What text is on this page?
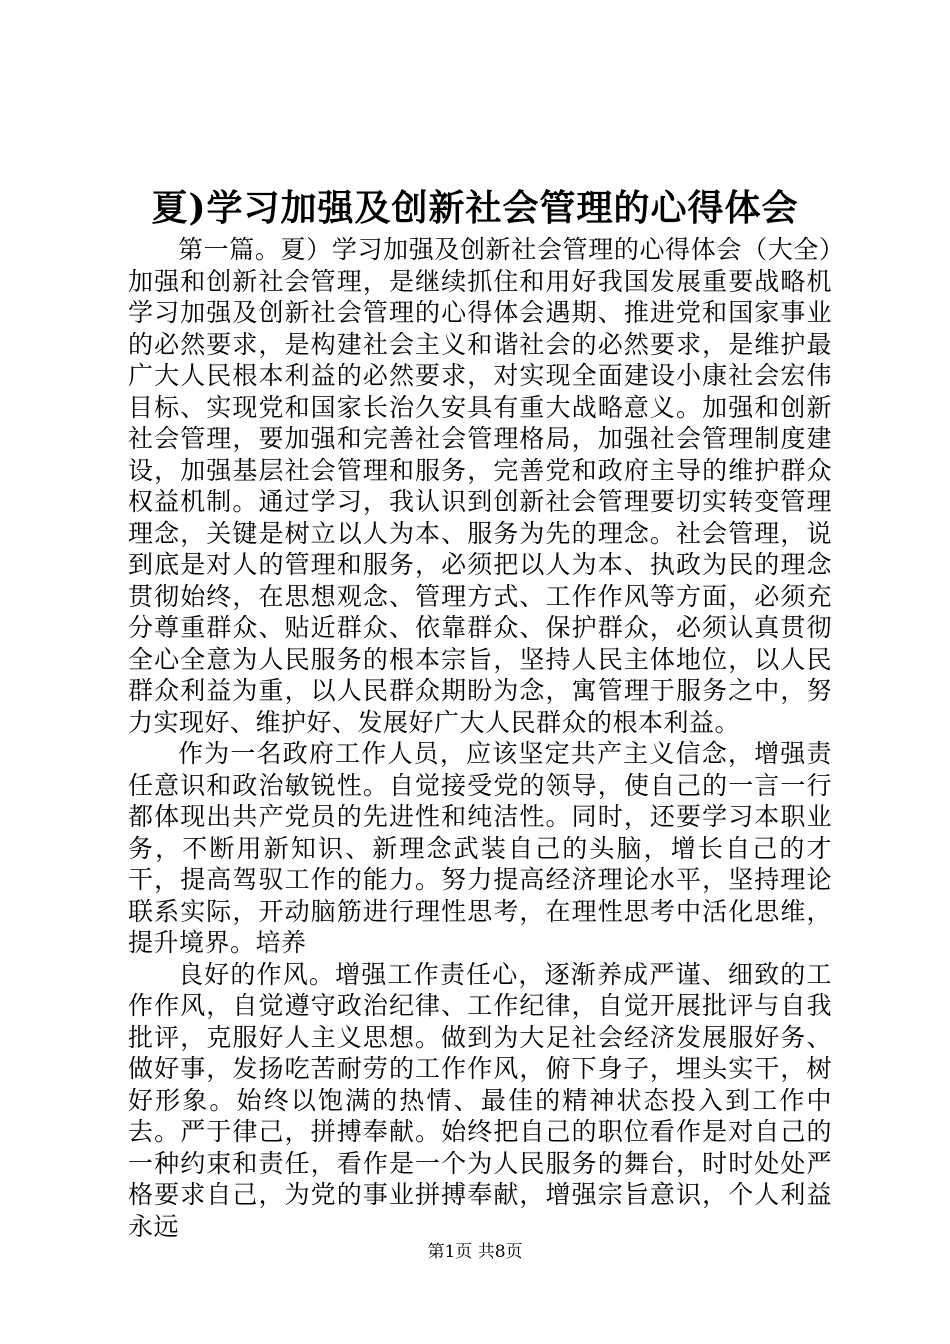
夏)学习加强及创新社会管理的心得体会

第一篇。夏）学习加强及创新社会管理的心得体会（大全）加强和创新社会管理，是继续抓住和用好我国发展重要战略机学习加强及创新社会管理的心得体会遇期、推进党和国家事业的必然要求，是构建社会主义和谐社会的必然要求，是维护最广大人民根本利益的必然要求，对实现全面建设小康社会宏伟目标、实现党和国家长治久安具有重大战略意义。加强和创新社会管理，要加强和完善社会管理格局，加强社会管理制度建设，加强基层社会管理和服务，完善党和政府主导的维护群众权益机制。通过学习，我认识到创新社会管理要切实转变管理理念，关键是树立以人为本、服务为先的理念。社会管理，说到底是对人的管理和服务，必须把以人为本、执政为民的理念贯彻始终，在思想观念、管理方式、工作作风等方面，必须充分尊重群众、贴近群众、依靠群众、保护群众，必须认真贯彻全心全意为人民服务的根本宗旨，坚持人民主体地位，以人民群众利益为重，以人民群众期盼为念，寓管理于服务之中，努力实现好、维护好、发展好广大人民群众的根本利益。

作为一名政府工作人员，应该坚定共产主义信念，增强责任意识和政治敏锐性。自觉接受党的领导，使自己的一言一行都体现出共产党员的先进性和纯洁性。同时，还要学习本职业务，不断用新知识、新理念武装自己的头脑，增长自己的才干，提高驾驭工作的能力。努力提高经济理论水平，坚持理论联系实际，开动脑筋进行理性思考，在理性思考中活化思维，提升境界。培养

良好的作风。增强工作责任心，逐渐养成严谨、细致的工作作风，自觉遵守政治纪律、工作纪律，自觉开展批评与自我批评，克服好人主义思想。做到为大足社会经济发展服好务、做好事，发扬吃苦耐劳的工作作风，俯下身子，埋头实干，树好形象。始终以饱满的热情、最佳的精神状态投入到工作中去。严于律己，拼搏奉献。始终把自己的职位看作是对自己的一种约束和责任，看作是一个为人民服务的舞台，时时处处严格要求自己，为党的事业拼搏奉献，增强宗旨意识，个人利益永远

第1页 共8页
